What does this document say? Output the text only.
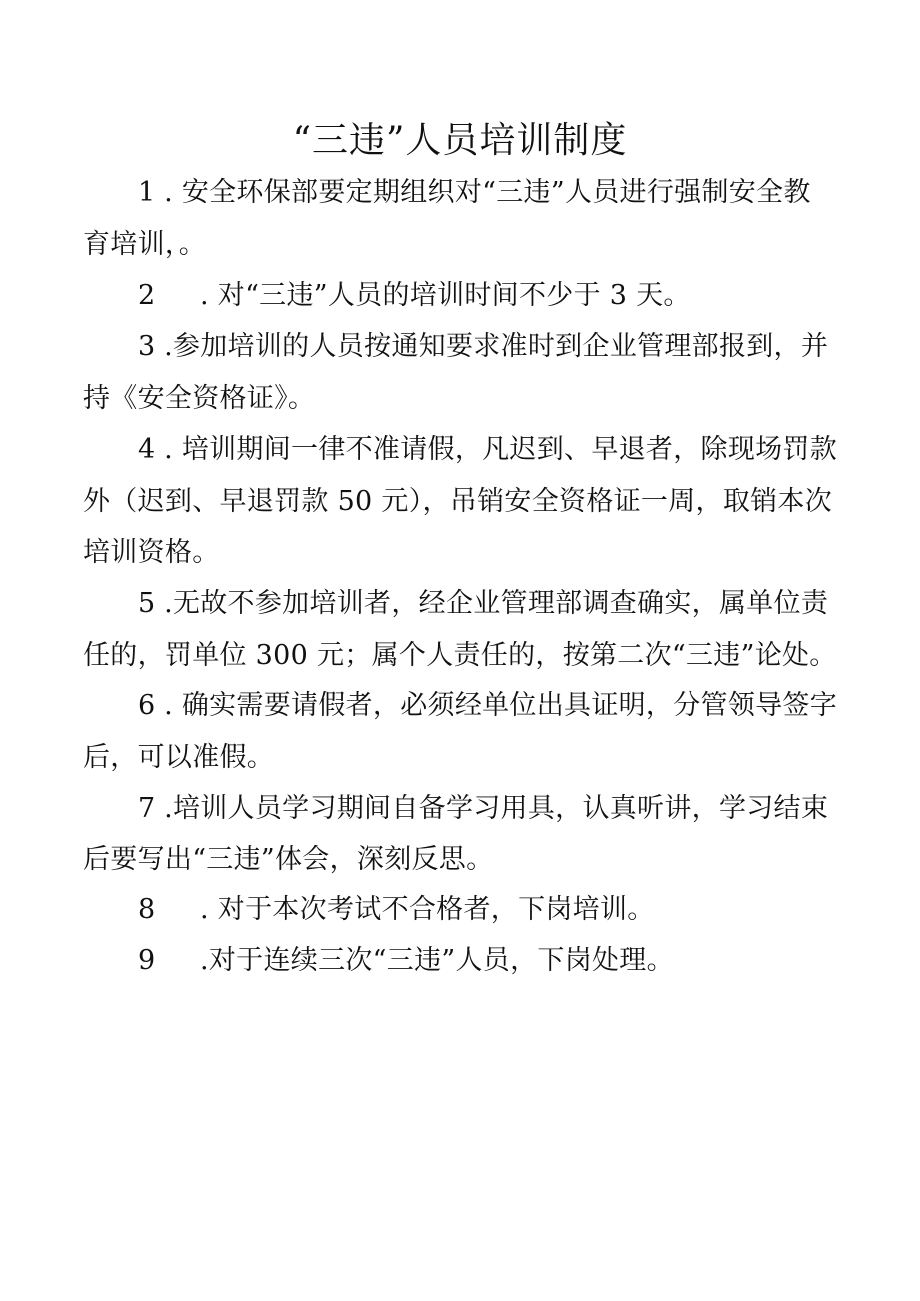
“三违”人员培训制度
1 . 安全环保部要定期组织对“三违”人员进行强制安全教
育培训，。
2 . 对“三违”人员的培训时间不少于 3 天。
3 .参加培训的人员按通知要求准时到企业管理部报到，并
持《安全资格证》。
4 . 培训期间一律不准请假，凡迟到、早退者，除现场罚款
外（迟到、早退罚款 50 元），吊销安全资格证一周，取销本次
培训资格。
5 .无故不参加培训者，经企业管理部调查确实，属单位责
任的，罚单位 300 元；属个人责任的，按第二次“三违”论处。
6 . 确实需要请假者，必须经单位出具证明，分管领导签字
后，可以准假。
7 .培训人员学习期间自备学习用具，认真听讲，学习结束
后要写出“三违”体会，深刻反思。
8 . 对于本次考试不合格者，下岗培训。
9 .对于连续三次“三违”人员，下岗处理。
